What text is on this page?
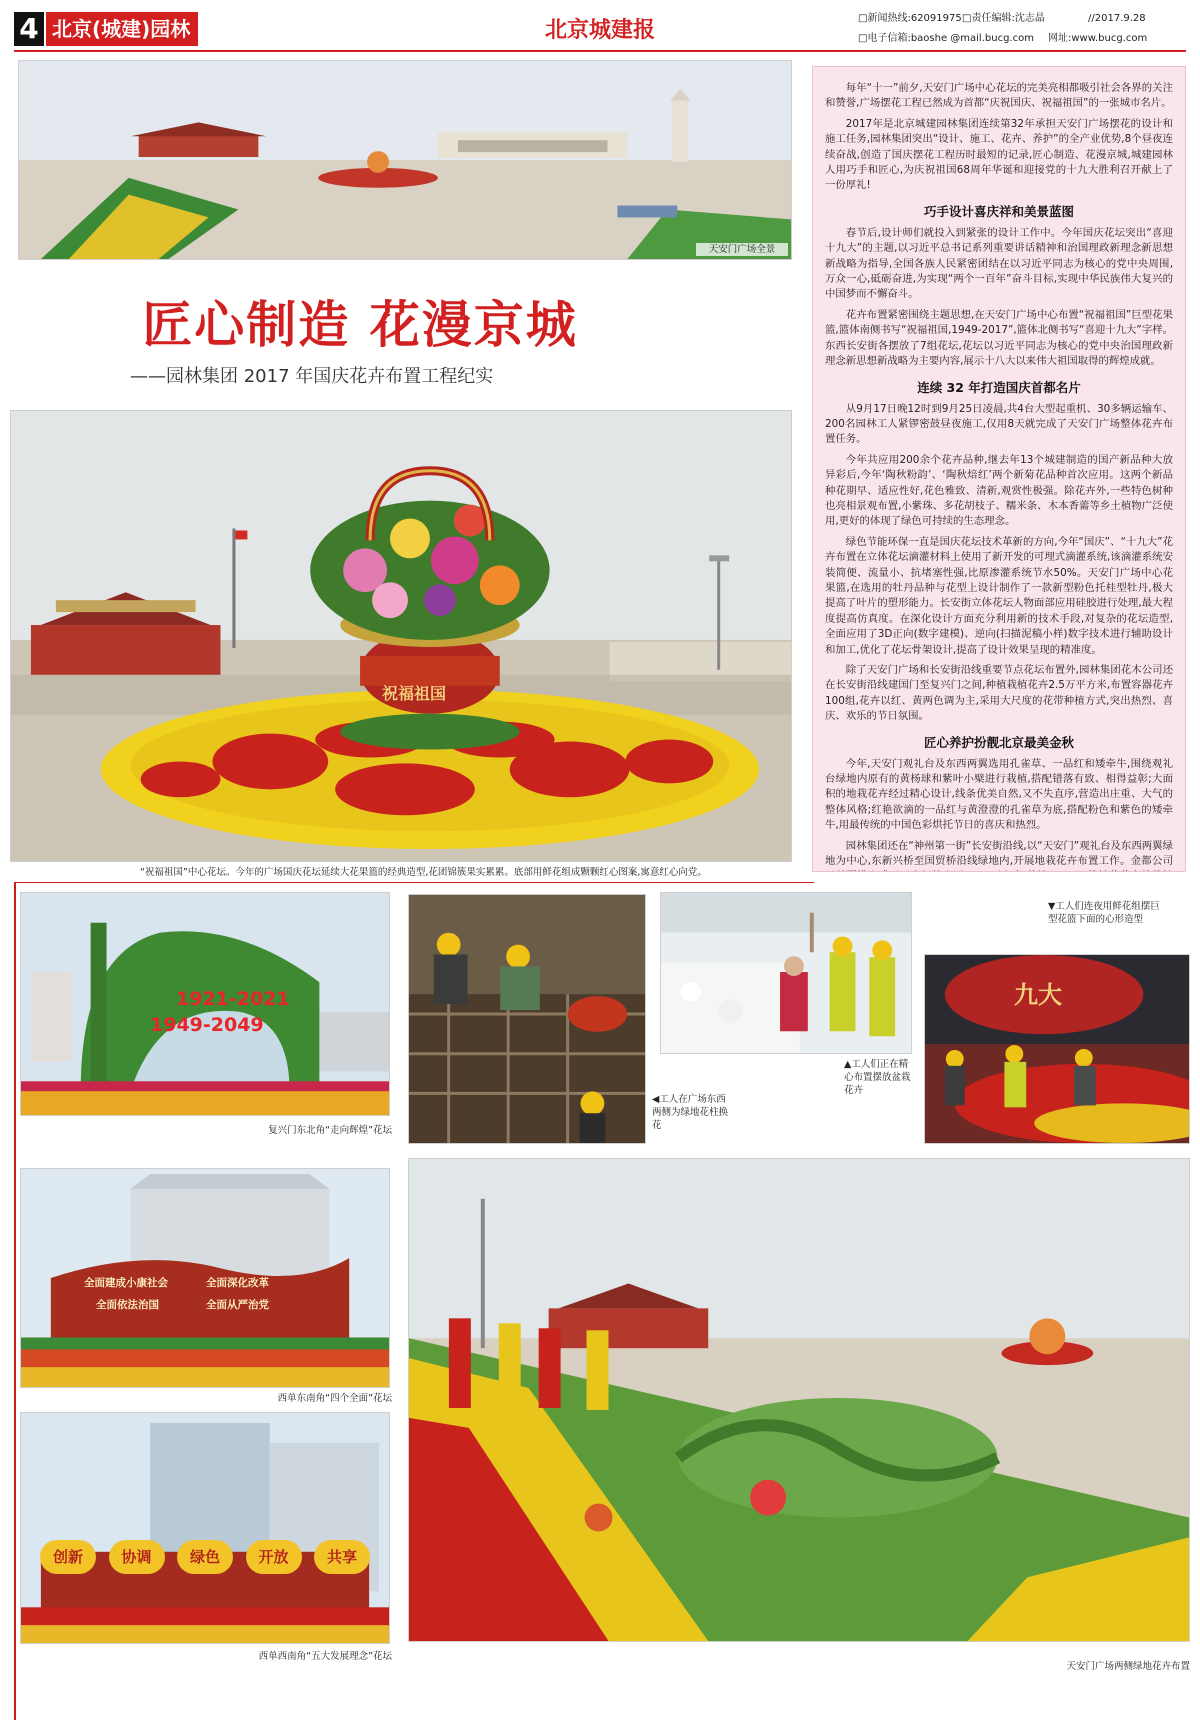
4 北京(城建)园林	北京城建报	□新闻热线:62091975 □责任编辑:沈志晶	//2017.9.28
□电子信箱:baoshe @mail.bucg.com 网址:www.bucg.com
天安门广场全景
匠心制造 花漫京城
——园林集团 2017 年国庆花卉布置工程纪实
祝福祖国
“祝福祖国”中心花坛。今年的广场国庆花坛延续大花果篮的经典造型,花团锦簇果实累累。底部用鲜花组成颗颗红心图案,寓意红心向党。

每年“十一”前夕,天安门广场中心花坛的完美亮相都吸引社会各界的关注和赞誉,广场摆花工程已然成为首都“庆祝国庆、祝福祖国”的一张城市名片。

2017年是北京城建园林集团连续第32年承担天安门广场摆花的设计和施工任务,园林集团突出“设计、施工、花卉、养护”的全产业优势,8个昼夜连续奋战,创造了国庆摆花工程历时最短的记录,匠心制造、花漫京城,城建园林人用巧手和匠心,为庆祝祖国68周年华诞和迎接党的十九大胜利召开献上了一份厚礼!

巧手设计喜庆祥和美景蓝图

春节后,设计师们就投入到紧张的设计工作中。今年国庆花坛突出“喜迎十九大”的主题,以习近平总书记系列重要讲话精神和治国理政新理念新思想新战略为指导,全国各族人民紧密团结在以习近平同志为核心的党中央周围,万众一心,砥砺奋进,为实现“两个一百年”奋斗目标,实现中华民族伟大复兴的中国梦而不懈奋斗。

花卉布置紧密围绕主题思想,在天安门广场中心布置“祝福祖国”巨型花果篮,篮体南侧书写“祝福祖国,1949-2017”,篮体北侧书写“喜迎十九大”字样。东西长安街各摆放了7组花坛,花坛以习近平同志为核心的党中央治国理政新理念新思想新战略为主要内容,展示十八大以来伟大祖国取得的辉煌成就。

连续 32 年打造国庆首都名片

从9月17日晚12时到9月25日凌晨,共4台大型起重机、30多辆运输车、200名园林工人紧锣密鼓昼夜施工,仅用8天就完成了天安门广场整体花卉布置任务。

今年共应用200余个花卉品种,继去年13个城建制造的国产新品种大放异彩后,今年‘陶秋粉韵’、‘陶秋焙红’两个新菊花品种首次应用。这两个新品种花期早、适应性好,花色雅致、清新,观赏性极强。除花卉外,一些特色树种也亮相景观布置,小紫珠、多花胡枝子、糯米条、木本香薷等乡土植物广泛使用,更好的体现了绿色可持续的生态理念。

绿色节能环保一直是国庆花坛技术革新的方向,今年“国庆”、“十九大”花卉布置在立体花坛滴灌材料上使用了新开发的可埋式滴灌系统,该滴灌系统安装简便、流量小、抗堵塞性强,比原渗灌系统节水50%。天安门广场中心花果篮,在选用的牡丹品种与花型上设计制作了一款新型粉色托桂型牡丹,极大提高了叶片的塑形能力。长安街立体花坛人物面部应用硅胶进行处理,最大程度提高仿真度。在深化设计方面充分利用新的技术手段,对复杂的花坛造型,全面应用了3D正向(数字建模)、逆向(扫描泥稿小样)数字技术进行辅助设计和加工,优化了花坛骨架设计,提高了设计效果呈现的精准度。

除了天安门广场和长安街沿线重要节点花坛布置外,园林集团花木公司还在长安街沿线建国门至复兴门之间,种植栽植花卉2.5万平方米,布置容器花卉100组,花卉以红、黄两色调为主,采用大尺度的花带种植方式,突出热烈、喜庆、欢乐的节日氛围。

匠心养护扮靓北京最美金秋

今年,天安门观礼台及东西两翼选用孔雀草、一品红和矮牵牛,围绕观礼台绿地内原有的黄杨球和紫叶小檗进行栽植,搭配错落有致、相得益彰;大面积的地栽花卉经过精心设计,线条优美自然,又不失直序,营造出庄重、大气的整体风格;红艳欲滴的一品红与黄澄澄的孔雀草为底,搭配粉色和紫色的矮牵牛,用最传统的中国色彩烘托节日的喜庆和热烈。

园林集团还在“神州第一街”长安街沿线,以“天安门”观礼台及东西两翼绿地为中心,东新兴桥至国贸桥沿线绿地内,开展地栽花卉布置工作。金都公司

1921-2021
1949-2049
复兴门东北角“走向辉煌”花坛
◀工人在广场东西两侧为绿地花柱换花
▲工人们正在精心布置摆放盆栽花卉
▼工人们连夜用鲜花组摆巨型花篮下面的心形造型
九大
全面建成小康社会	全面深化改革
全面依法治国	全面从严治党
西单东南角“四个全面”花坛
创新	协调	绿色	开放	共享
西单西南角“五大发展理念”花坛
天安门广场两侧绿地花卉布置
